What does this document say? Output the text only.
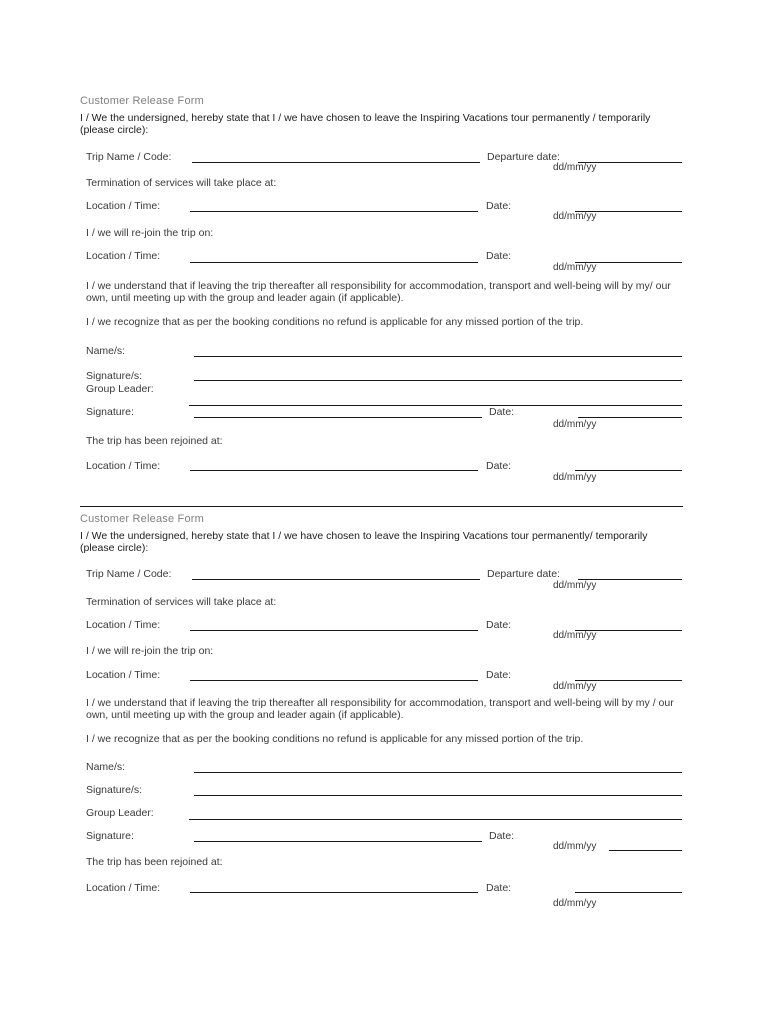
Customer Release Form
I / We the undersigned, hereby state that I / we have chosen to leave the Inspiring Vacations tour permanently / temporarily
(please circle):
Trip Name / Code:	Departure date:
dd/mm/yy
Termination of services will take place at:
Location / Time:	Date:
dd/mm/yy
I / we will re-join the trip on:
Location / Time:	Date:
dd/mm/yy
I / we understand that if leaving the trip thereafter all responsibility for accommodation, transport and well-being will by my/ our
own, until meeting up with the group and leader again (if applicable).
I / we recognize that as per the booking conditions no refund is applicable for any missed portion of the trip.
Name/s:
Signature/s:
Group Leader:
Signature:	Date:
dd/mm/yy
The trip has been rejoined at:
Location / Time:	Date:
dd/mm/yy
Customer Release Form
I / We the undersigned, hereby state that I / we have chosen to leave the Inspiring Vacations tour permanently/ temporarily
(please circle):
Trip Name / Code:	Departure date:
dd/mm/yy
Termination of services will take place at:
Location / Time:	Date:
dd/mm/yy
I / we will re-join the trip on:
Location / Time:	Date:
dd/mm/yy
I / we understand that if leaving the trip thereafter all responsibility for accommodation, transport and well-being will by my / our
own, until meeting up with the group and leader again (if applicable).
I / we recognize that as per the booking conditions no refund is applicable for any missed portion of the trip.
Name/s:
Signature/s:
Group Leader:
Signature:	Date:
dd/mm/yy
The trip has been rejoined at:
Location / Time:	Date:
dd/mm/yy
